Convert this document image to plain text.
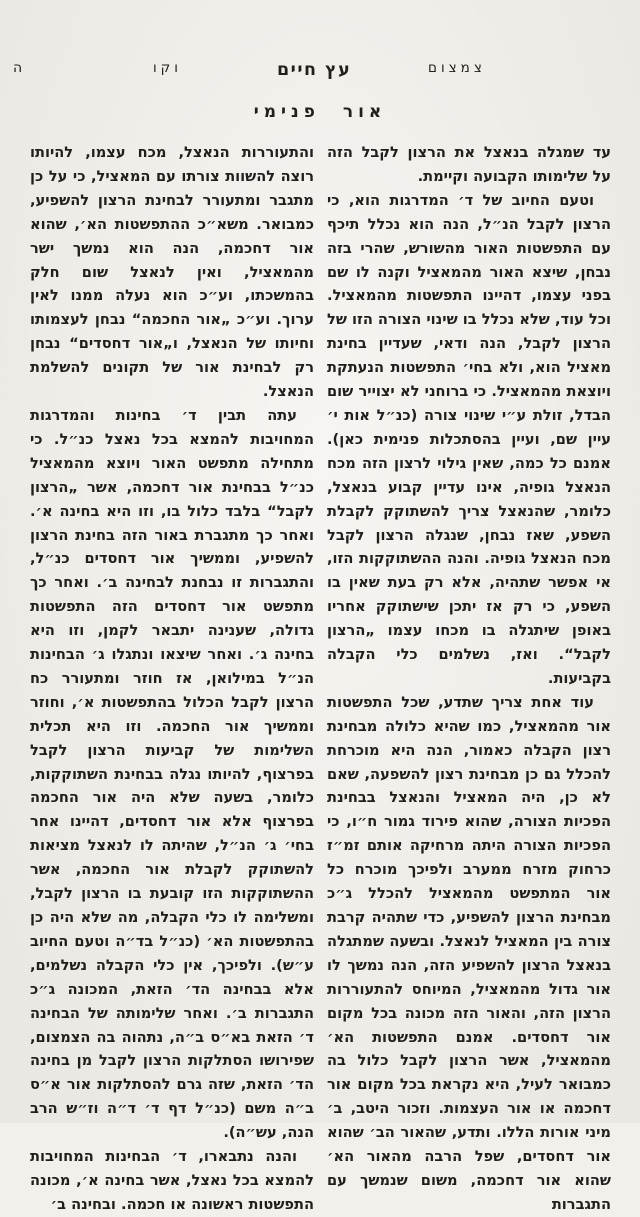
ה	וקו	עץ חיים	צמצום
אור פנימי

עד שמגלה בנאצל את הרצון לקבל הזה על שלימותו הקבועה וקיימת.

וטעם החיוב של ד׳ המדרגות הוא, כי הרצון לקבל הנ״ל, הנה הוא נכלל תיכף עם התפשטות האור מהשורש, שהרי בזה נבחן, שיצא האור מהמאציל וקנה לו שם בפני עצמו, דהיינו התפשטות מהמאציל. וכל עוד, שלא נכלל בו שינוי הצורה הזו של הרצון לקבל, הנה ודאי, שעדיין בחינת מאציל הוא, ולא בחי׳ התפשטות הנעתקת ויוצאת מהמאציל. כי ברוחני לא יצוייר שום הבדל, זולת ע״י שינוי צורה (כנ״ל אות י׳ עיין שם, ועיין בהסתכלות פנימית כאן). אמנם כל כמה, שאין גילוי לרצון הזה מכח הנאצל גופיה, אינו עדיין קבוע בנאצל, כלומר, שהנאצל צריך להשתוקק לקבלת השפע, שאז נבחן, שנגלה הרצון לקבל מכח הנאצל גופיה. והנה ההשתוקקות הזו, אי אפשר שתהיה, אלא רק בעת שאין בו השפע, כי רק אז יתכן שישתוקק אחריו באופן שיתגלה בו מכחו עצמו „הרצון לקבל“. ואז, נשלמים כלי הקבלה בקביעות.

עוד אחת צריך שתדע, שכל התפשטות אור מהמאציל, כמו שהיא כלולה מבחינת רצון הקבלה כאמור, הנה היא מוכרחת להכלל גם כן מבחינת רצון להשפעה, שאם לא כן, היה המאציל והנאצל בבחינת הפכיות הצורה, שהוא פירוד גמור ח״ו, כי הפכיות הצורה היתה מרחיקה אותם זמ״ז כרחוק מזרח ממערב ולפיכך מוכרח כל אור המתפשט מהמאציל להכלל ג״כ מבחינת הרצון להשפיע, כדי שתהיה קרבת צורה בין המאציל לנאצל. ובשעה שמתגלה בנאצל הרצון להשפיע הזה, הנה נמשך לו אור גדול מהמאציל, המיוחס להתעוררות הרצון הזה, והאור הזה מכונה בכל מקום אור דחסדים. אמנם התפשטות הא׳ מהמאציל, אשר הרצון לקבל כלול בה כמבואר לעיל, היא נקראת בכל מקום אור דחכמה או אור העצמות. וזכור היטב, ב׳ מיני אורות הללו. ותדע, שהאור הב׳ שהוא אור דחסדים, שפל הרבה מהאור הא׳ שהוא אור דחכמה, משום שנמשך עם התגברות

והתעוררות הנאצל, מכח עצמו, להיותו רוצה להשוות צורתו עם המאציל, כי על כן מתגבר ומתעורר לבחינת הרצון להשפיע, כמבואר. משא״כ ההתפשטות הא׳, שהוא אור דחכמה, הנה הוא נמשך ישר מהמאציל, ואין לנאצל שום חלק בהמשכתו, וע״כ הוא נעלה ממנו לאין ערוך. וע״כ „אור החכמה“ נבחן לעצמותו וחיותו של הנאצל, ו„אור דחסדים“ נבחן רק לבחינת אור של תקונים להשלמת הנאצל.

עתה תבין ד׳ בחינות והמדרגות המחויבות להמצא בכל נאצל כנ״ל. כי מתחילה מתפשט האור ויוצא מהמאציל כנ״ל בבחינת אור דחכמה, אשר „הרצון לקבל“ בלבד כלול בו, וזו היא בחינה א׳. ואחר כך מתגברת באור הזה בחינת הרצון להשפיע, וממשיך אור דחסדים כנ״ל, והתגברות זו נבחנת לבחינה ב׳. ואחר כך מתפשט אור דחסדים הזה התפשטות גדולה, שענינה יתבאר לקמן, וזו היא בחינה ג׳. ואחר שיצאו ונתגלו ג׳ הבחינות הנ״ל במילואן, אז חוזר ומתעורר כח הרצון לקבל הכלול בהתפשטות א׳, וחוזר וממשיך אור החכמה. וזו היא תכלית השלימות של קביעות הרצון לקבל בפרצוף, להיותו נגלה בבחינת השתוקקות, כלומר, בשעה שלא היה אור החכמה בפרצוף אלא אור דחסדים, דהיינו אחר בחי׳ ג׳ הנ״ל, שהיתה לו לנאצל מציאות להשתוקק לקבלת אור החכמה, אשר ההשתוקקות הזו קובעת בו הרצון לקבל, ומשלימה לו כלי הקבלה, מה שלא היה כן בהתפשטות הא׳ (כנ״ל בד״ה וטעם החיוב ע״ש). ולפיכך, אין כלי הקבלה נשלמים, אלא בבחינה הד׳ הזאת, המכונה ג״כ התגברות ב׳. ואחר שלימותה של הבחינה ד׳ הזאת בא״ס ב״ה, נתהוה בה הצמצום, שפירושו הסתלקות הרצון לקבל מן בחינה הד׳ הזאת, שזה גרם להסתלקות אור א״ס ב״ה משם (כנ״ל דף ד׳ ד״ה וז״ש הרב הנה, עש״ה).

והנה נתבארו, ד׳ הבחינות המחויבות להמצא בכל נאצל, אשר בחינה א׳, מכונה התפשטות ראשונה או חכמה. ובחינה ב׳
